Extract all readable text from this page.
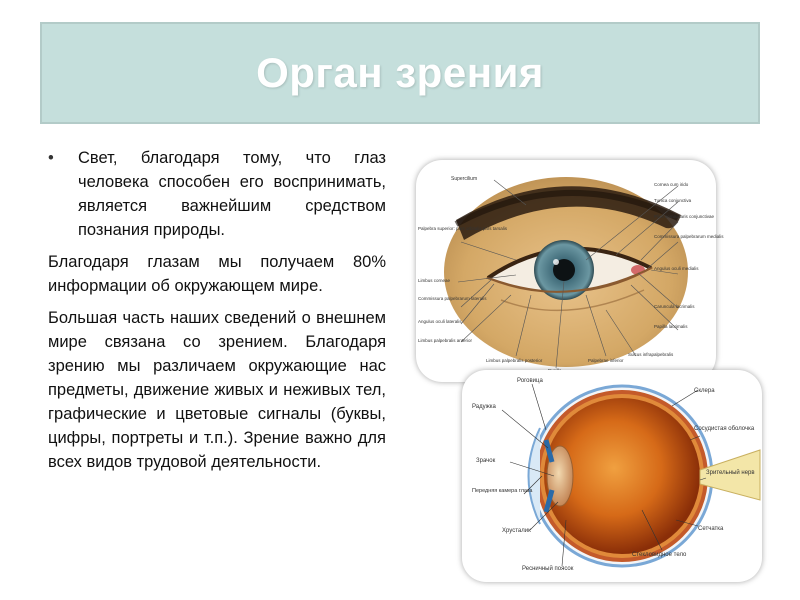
Орган зрения

• Свет, благодаря тому, что глаз человека способен его воспринимать, является важнейшим средством познания природы.

Благодаря глазам мы получаем 80% информации об окружающем мире.

Большая часть наших сведений о внешнем мире связана со зрением. Благодаря зрению мы различаем окружающие нас предметы, движение живых и неживых тел, графические и цветовые сигналы (буквы, цифры, портреты и т.п.). Зрение важно для всех видов трудовой деятельности.

Supercilium
Palpebra superior: pars orbitalis pars tarsalis
Limbus corneae
Commissura palpebrarum lateralis
Angulus oculi lateralis
Limbus palpebralis anterior
Cornea cum irido
Tunica conjunctiva
Plica semilunaris conjunctivae
Commissura palpebrarum medialis
Angulus oculi medialis
Caruncula lacrimalis
Papilla lacrimalis
Limbus palpebralis posterior	Palpebrae inferior
Sulcus infrapalpebralis
Роговица
Радужка
Зрачок
Передняя камера глаза
Хрусталик
Ресничный поясок
Склера
Сосудистая оболочка
Зрительный нерв
Сетчатка
Стекловидное тело
